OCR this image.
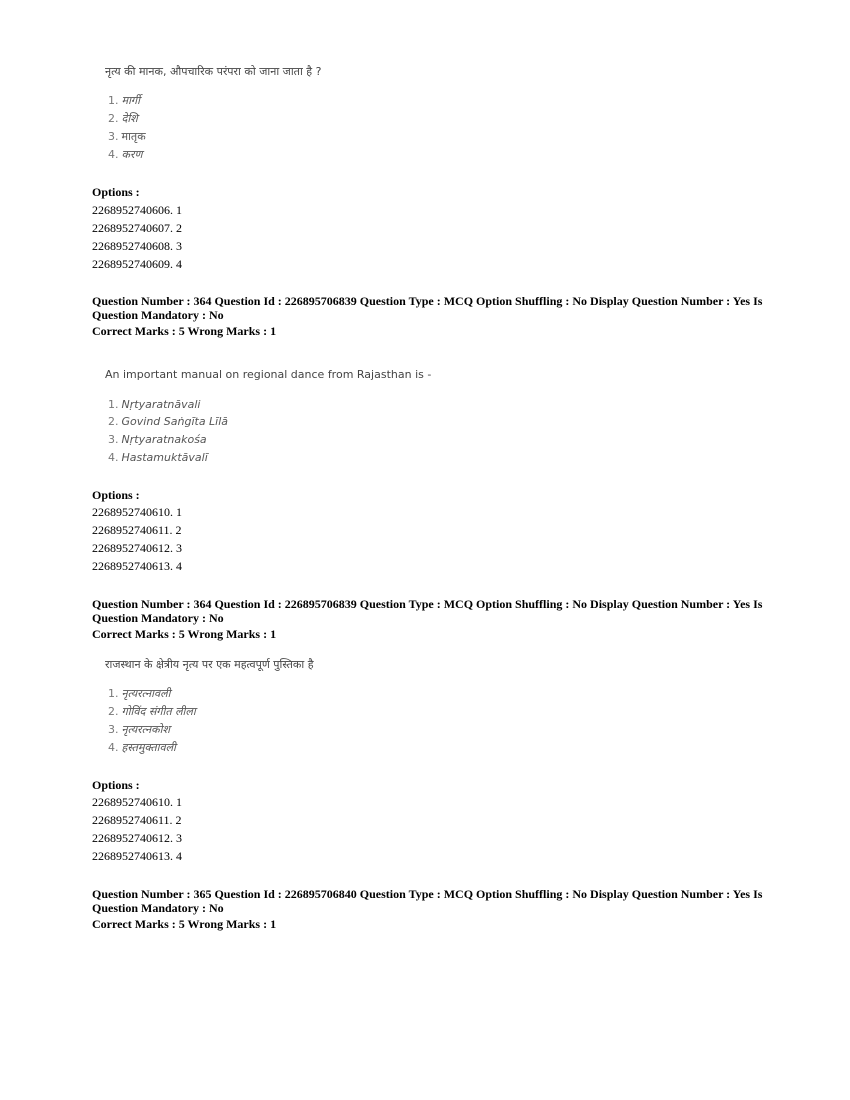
नृत्य की मानक, औपचारिक परंपरा को जाना जाता है ?
1. मार्गी
2. देशि
3. मातृक
4. करण
Options :
2268952740606. 1
2268952740607. 2
2268952740608. 3
2268952740609. 4
Question Number : 364 Question Id : 226895706839 Question Type : MCQ Option Shuffling : No Display Question Number : Yes Is
Question Mandatory : No
Correct Marks : 5 Wrong Marks : 1
An important manual on regional dance from Rajasthan is -
1. Nṛtyaratnāvali
2. Govind Saṅgīta Līlā
3. Nṛtyaratnakośa
4. Hastamuktāvalī
Options :
2268952740610. 1
2268952740611. 2
2268952740612. 3
2268952740613. 4
Question Number : 364 Question Id : 226895706839 Question Type : MCQ Option Shuffling : No Display Question Number : Yes Is
Question Mandatory : No
Correct Marks : 5 Wrong Marks : 1
राजस्थान के क्षेत्रीय नृत्य पर एक महत्वपूर्ण पुस्तिका है
1. नृत्यरत्नावली
2. गोविंद संगीत लीला
3. नृत्यरत्नकोश
4. हस्तमुक्तावली
Options :
2268952740610. 1
2268952740611. 2
2268952740612. 3
2268952740613. 4
Question Number : 365 Question Id : 226895706840 Question Type : MCQ Option Shuffling : No Display Question Number : Yes Is
Question Mandatory : No
Correct Marks : 5 Wrong Marks : 1
